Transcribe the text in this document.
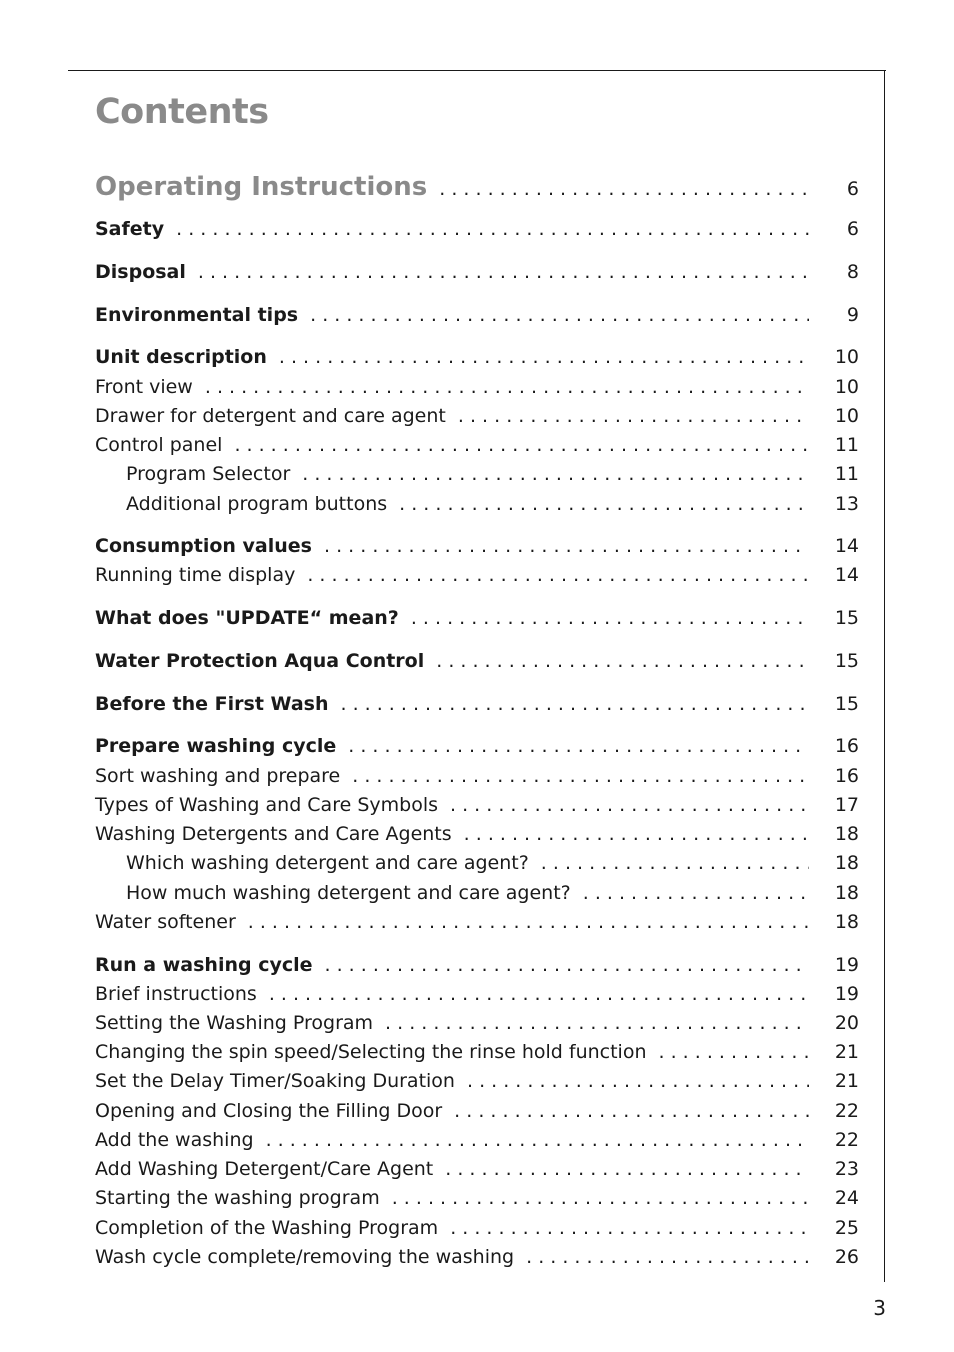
Contents
Operating Instructions . . .	6
Safety . . .	6
Disposal . . .	8
Environmental tips . . .	9
Unit description . . .	10
Front view . . .	10
Drawer for detergent and care agent . . .	10
Control panel . . .	11
Program Selector . . .	11
Additional program buttons . . .	13
Consumption values . . .	14
Running time display . . .	14
What does "UPDATE“ mean? . . .	15
Water Protection Aqua Control . . .	15
Before the First Wash . . .	15
Prepare washing cycle . . .	16
Sort washing and prepare . . .	16
Types of Washing and Care Symbols . . .	17
Washing Detergents and Care Agents . . .	18
Which washing detergent and care agent? . . .	18
How much washing detergent and care agent? . . .	18
Water softener . . .	18
Run a washing cycle . . .	19
Brief instructions . . .	19
Setting the Washing Program . . .	20
Changing the spin speed/Selecting the rinse hold function . . .	21
Set the Delay Timer/Soaking Duration . . .	21
Opening and Closing the Filling Door . . .	22
Add the washing . . .	22
Add Washing Detergent/Care Agent . . .	23
Starting the washing program . . .	24
Completion of the Washing Program . . .	25
Wash cycle complete/removing the washing . . .	26
3
